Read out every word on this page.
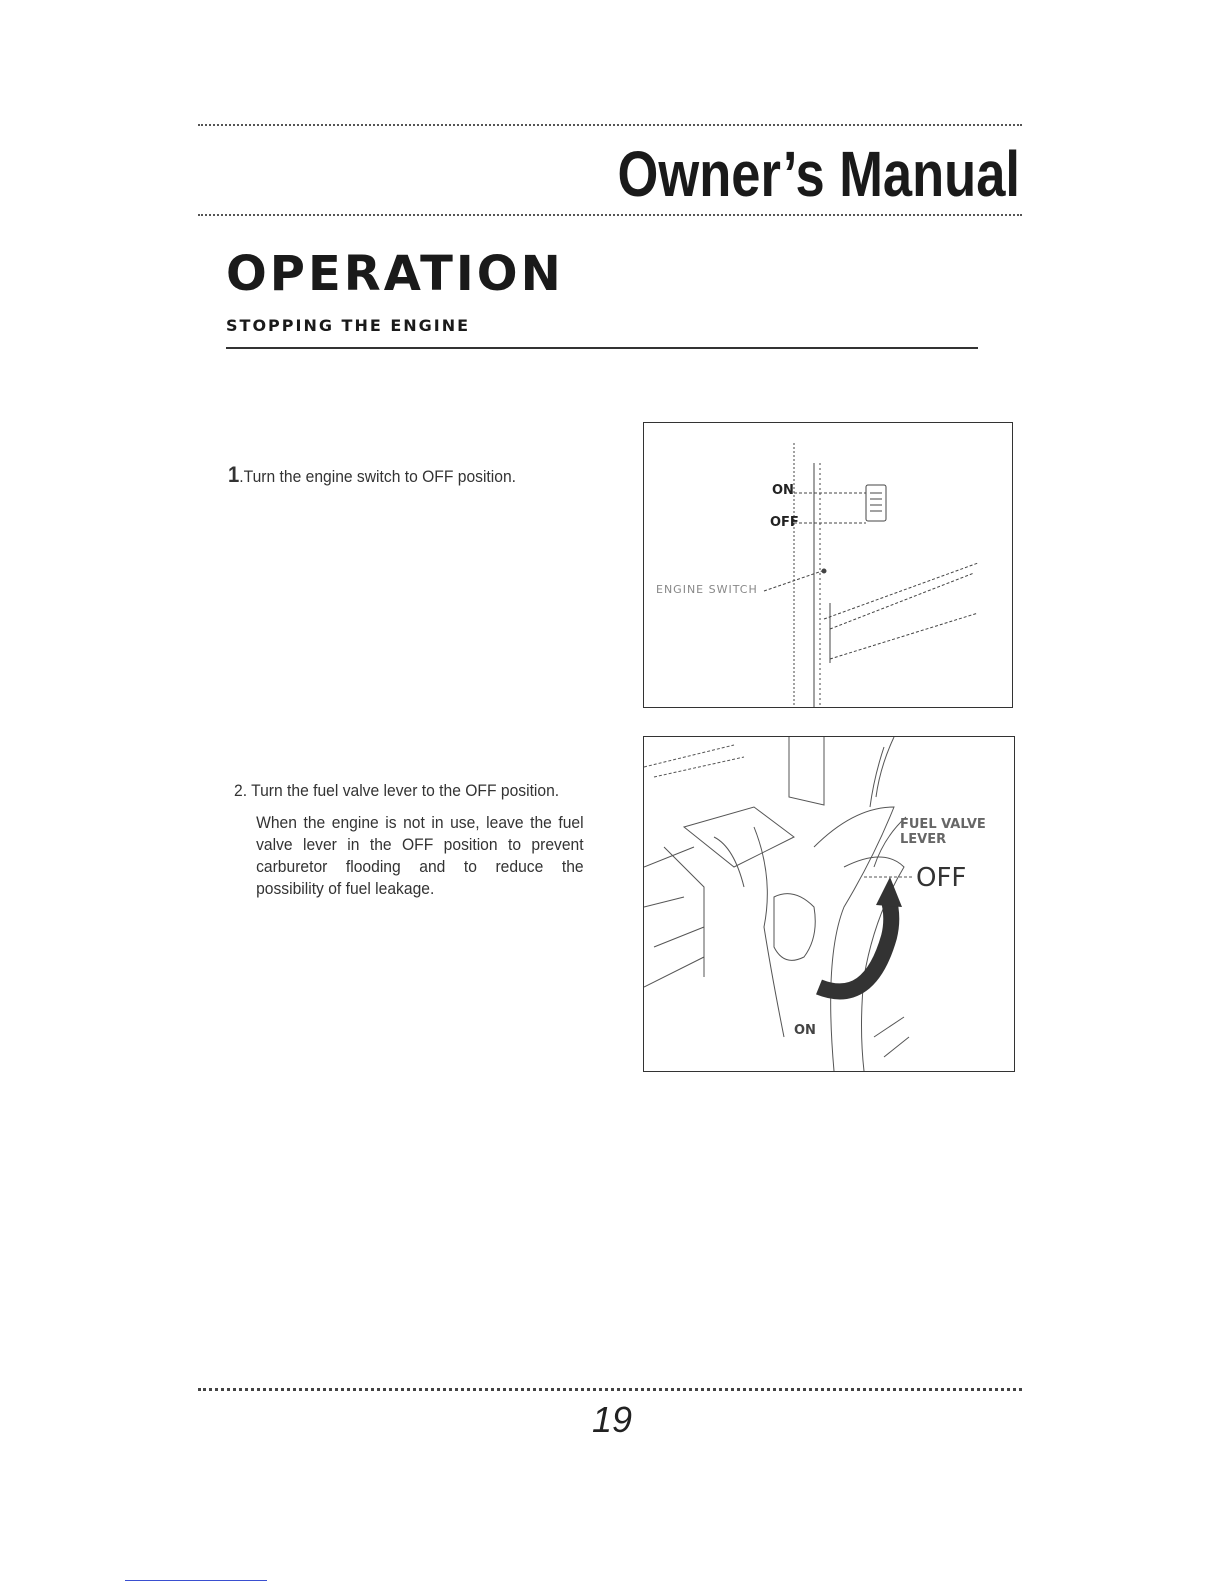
Owner’s Manual
OPERATION
STOPPING THE ENGINE
1.Turn the engine switch to OFF position.
ON
OFF
ENGINE SWITCH

2. Turn the fuel valve lever to the OFF position.

When the engine is not in use, leave the fuel valve lever in the OFF position to prevent carburetor flooding and to reduce the possibility of fuel leakage.

FUEL VALVE LEVER
OFF
ON
19
